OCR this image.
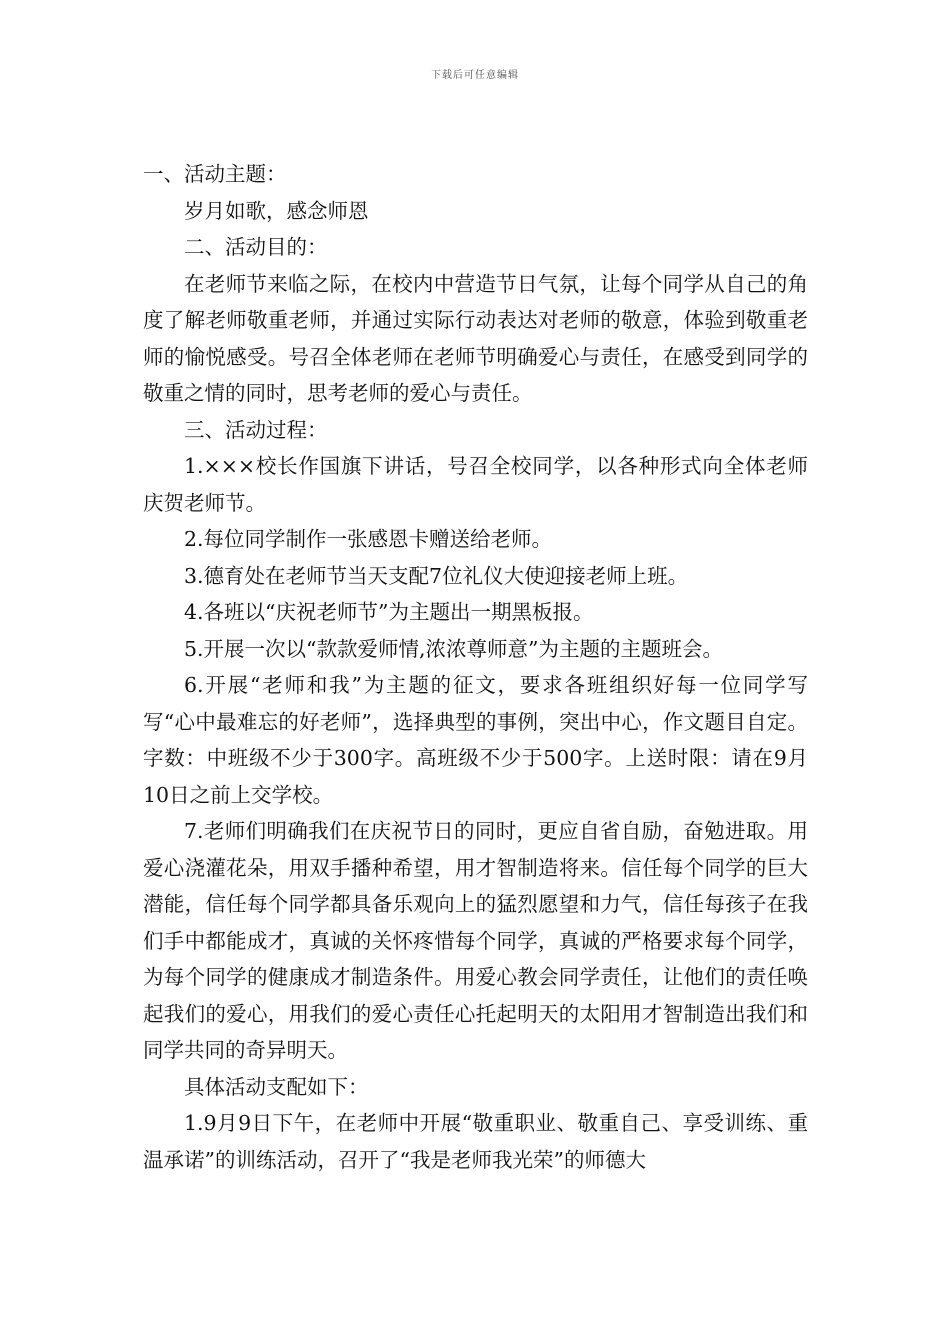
下载后可任意编辑

一、活动主题：

岁月如歌，感念师恩

二、活动目的：

在老师节来临之际，在校内中营造节日气氛，让每个同学从自己的角度了解老师敬重老师，并通过实际行动表达对老师的敬意，体验到敬重老师的愉悦感受。号召全体老师在老师节明确爱心与责任，在感受到同学的敬重之情的同时，思考老师的爱心与责任。

三、活动过程：

1.×××校长作国旗下讲话，号召全校同学，以各种形式向全体老师庆贺老师节。

2.每位同学制作一张感恩卡赠送给老师。

3.德育处在老师节当天支配7位礼仪大使迎接老师上班。

4.各班以“庆祝老师节”为主题出一期黑板报。

5.开展一次以“款款爱师情,浓浓尊师意”为主题的主题班会。

6.开展“老师和我”为主题的征文，要求各班组织好每一位同学写写“心中最难忘的好老师”，选择典型的事例，突出中心，作文题目自定。字数：中班级不少于300字。高班级不少于500字。上送时限：请在9月10日之前上交学校。

7.老师们明确我们在庆祝节日的同时，更应自省自励，奋勉进取。用爱心浇灌花朵，用双手播种希望，用才智制造将来。信任每个同学的巨大潜能，信任每个同学都具备乐观向上的猛烈愿望和力气，信任每孩子在我们手中都能成才，真诚的关怀疼惜每个同学，真诚的严格要求每个同学，为每个同学的健康成才制造条件。用爱心教会同学责任，让他们的责任唤起我们的爱心，用我们的爱心责任心托起明天的太阳用才智制造出我们和同学共同的奇异明天。

具体活动支配如下：

1.9月9日下午，在老师中开展“敬重职业、敬重自己、享受训练、重温承诺”的训练活动，召开了“我是老师我光荣”的师德大
